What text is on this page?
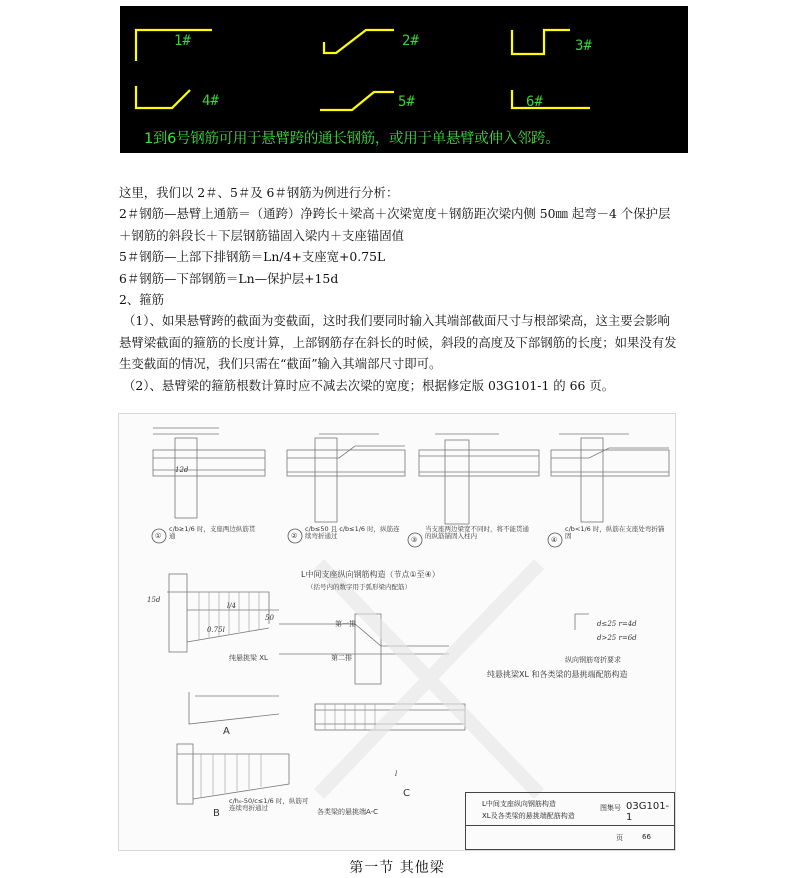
1#	2#	3#
4#	5#	6#
1到6号钢筋可用于悬臂跨的通长钢筋，或用于单悬臂或伸入邻跨。

这里，我们以 2＃、5＃及 6＃钢筋为例进行分析：

2＃钢筋—悬臂上通筋＝（通跨）净跨长＋梁高＋次梁宽度＋钢筋距次梁内侧 50㎜ 起弯－4 个保护层＋钢筋的斜段长＋下层钢筋锚固入梁内＋支座锚固值

5＃钢筋—上部下排钢筋＝Ln/4+支座宽+0.75L

6＃钢筋—下部钢筋＝Ln—保护层+15d

2、箍筋

（1）、如果悬臂跨的截面为变截面，这时我们要同时输入其端部截面尺寸与根部梁高，这主要会影响悬臂梁截面的箍筋的长度计算，上部钢筋存在斜长的时候，斜段的高度及下部钢筋的长度；如果没有发生变截面的情况，我们只需在“截面”输入其端部尺寸即可。

（2）、悬臂梁的箍筋根数计算时应不减去次梁的宽度；根据修定版 03G101-1 的 66 页。

①	②	③	④
c/b≥1/6 时，支座两边纵筋贯通
c/b≤50 且 c/b≤1/6 时，纵筋连续弯折通过
当支座两边梁宽不同时，将不能贯通的纵筋锚固入柱内
c/b<1/6 时，纵筋在支座处弯折锚固
L中间支座纵向钢筋构造（节点①至④）
（括号内的数字用于弧形梁内配筋）
纯悬挑梁 XL
纯悬挑梁XL 和各类梁的悬挑端配筋构造
A
B
C
第一排
第二排
l/4
0.75l
50
l
15d
12d
纵向钢筋弯折要求
d≤25 r=4d
d>25 r=6d
各类梁的悬挑端A-C
c/h₀-50/c≤1/6 时，纵筋可连续弯折通过
L中间支座纵向钢筋构造
XL及各类梁的悬挑端配筋构造
图集号 03G101-1
页	66
第一节 其他梁
